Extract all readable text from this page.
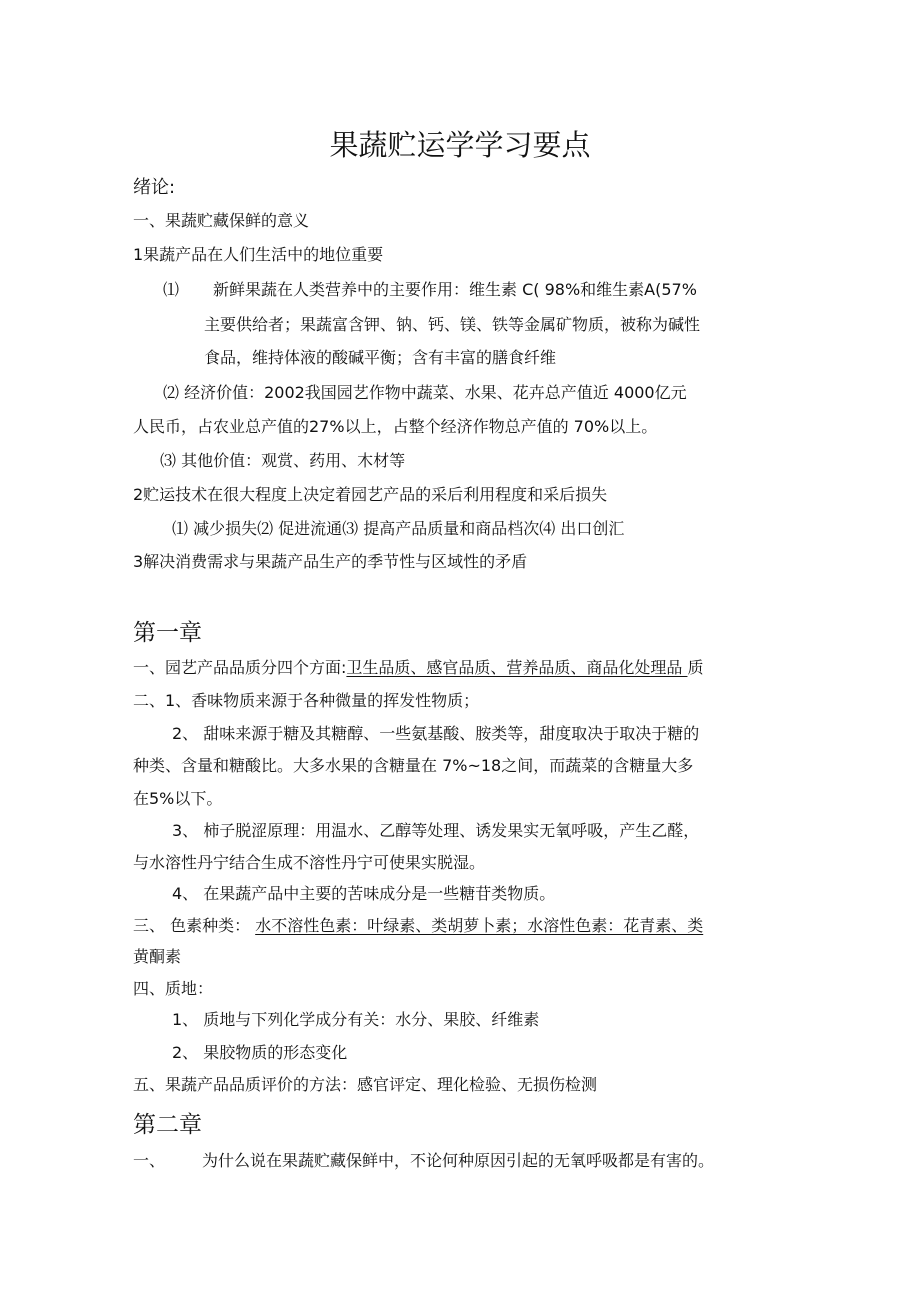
果蔬贮运学学习要点
绪论:
一、果蔬贮藏保鲜的意义
1果蔬产品在人们生活中的地位重要
⑴ 新鲜果蔬在人类营养中的主要作用：维生素 C( 98%和维生素A(57%
主要供给者；果蔬富含钾、钠、钙、镁、铁等金属矿物质，被称为碱性
食品，维持体液的酸碱平衡；含有丰富的膳食纤维
⑵ 经济价值：2002我国园艺作物中蔬菜、水果、花卉总产值近 4000亿元
人民币，占农业总产值的27%以上，占整个经济作物总产值的 70%以上。
⑶ 其他价值：观赏、药用、木材等
2贮运技术在很大程度上决定着园艺产品的采后利用程度和采后损失
⑴ 减少损失⑵ 促进流通⑶ 提高产品质量和商品档次⑷ 出口创汇
3解决消费需求与果蔬产品生产的季节性与区域性的矛盾
第一章
一、园艺产品品质分四个方面:卫生品质、感官品质、营养品质、商品化处理品 质
二、1、香味物质来源于各种微量的挥发性物质；
2、 甜味来源于糖及其糖醇、一些氨基酸、胺类等，甜度取决于取决于糖的
种类、含量和糖酸比。大多水果的含糖量在 7%~18之间，而蔬菜的含糖量大多
在5%以下。
3、 柿子脱涩原理：用温水、乙醇等处理、诱发果实无氧呼吸，产生乙醛，
与水溶性丹宁结合生成不溶性丹宁可使果实脱湿。
4、 在果蔬产品中主要的苦味成分是一些糖苷类物质。
三、 色素种类： 水不溶性色素：叶绿素、类胡萝卜素；水溶性色素：花青素、类
黄酮素
四、质地：
1、 质地与下列化学成分有关：水分、果胶、纤维素
2、 果胶物质的形态变化
五、果蔬产品品质评价的方法：感官评定、理化检验、无损伤检测
第二章
一、 为什么说在果蔬贮藏保鲜中，不论何种原因引起的无氧呼吸都是有害的。
